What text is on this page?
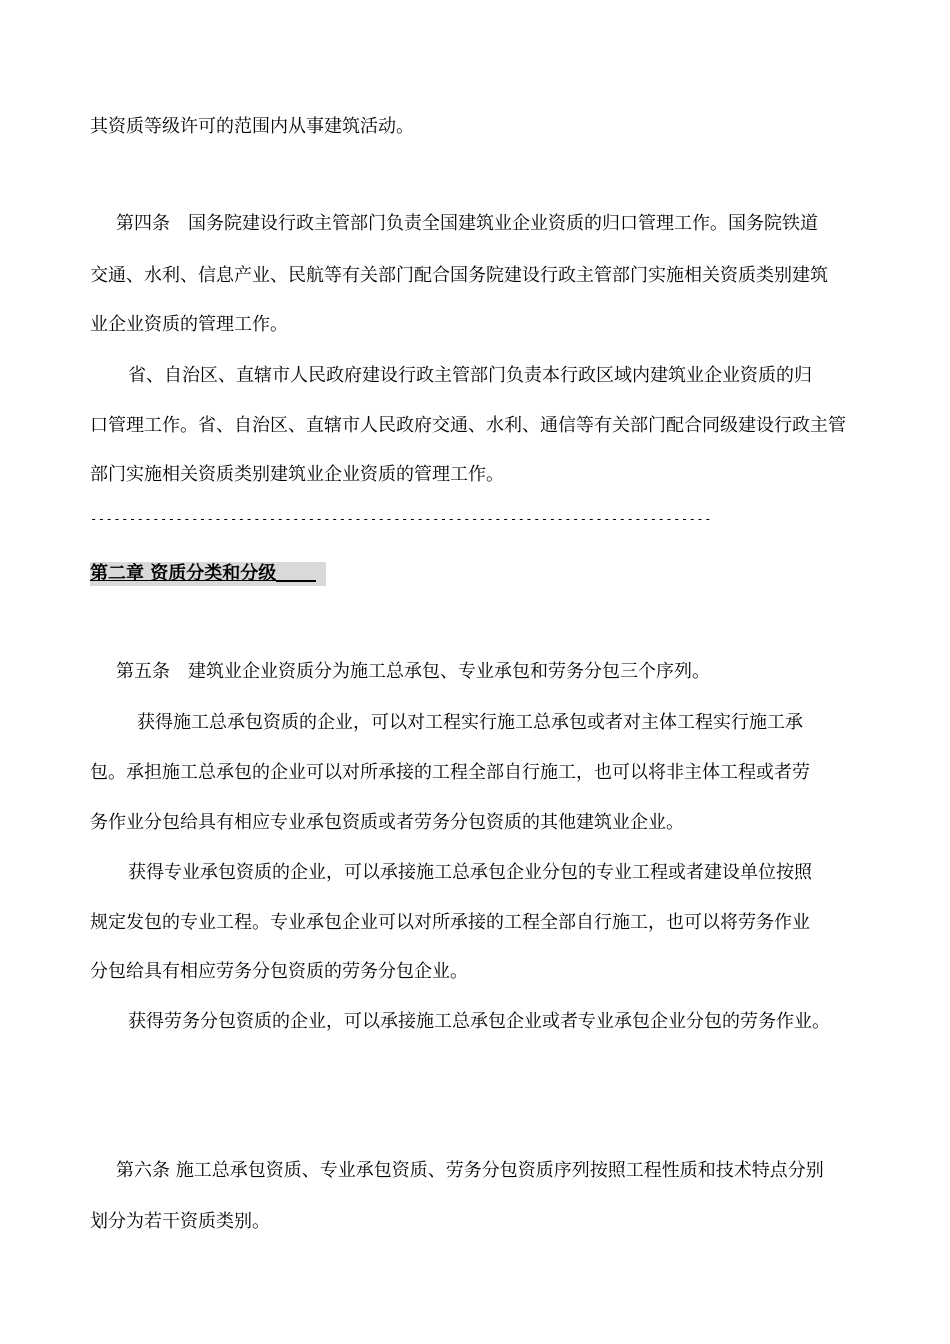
其资质等级许可的范围内从事建筑活动。
第四条　国务院建设行政主管部门负责全国建筑业企业资质的归口管理工作。国务院铁道
交通、水利、信息产业、民航等有关部门配合国务院建设行政主管部门实施相关资质类别建筑
业企业资质的管理工作。
省、自治区、直辖市人民政府建设行政主管部门负责本行政区域内建筑业企业资质的归
口管理工作。省、自治区、直辖市人民政府交通、水利、通信等有关部门配合同级建设行政主管
部门实施相关资质类别建筑业企业资质的管理工作。
--------------------------------------------------------------------------------
第二章 资质分类和分级
第五条　建筑业企业资质分为施工总承包、专业承包和劳务分包三个序列。
获得施工总承包资质的企业，可以对工程实行施工总承包或者对主体工程实行施工承
包。承担施工总承包的企业可以对所承接的工程全部自行施工，也可以将非主体工程或者劳
务作业分包给具有相应专业承包资质或者劳务分包资质的其他建筑业企业。
获得专业承包资质的企业，可以承接施工总承包企业分包的专业工程或者建设单位按照
规定发包的专业工程。专业承包企业可以对所承接的工程全部自行施工，也可以将劳务作业
分包给具有相应劳务分包资质的劳务分包企业。
获得劳务分包资质的企业，可以承接施工总承包企业或者专业承包企业分包的劳务作业。
第六条 施工总承包资质、专业承包资质、劳务分包资质序列按照工程性质和技术特点分别
划分为若干资质类别。
